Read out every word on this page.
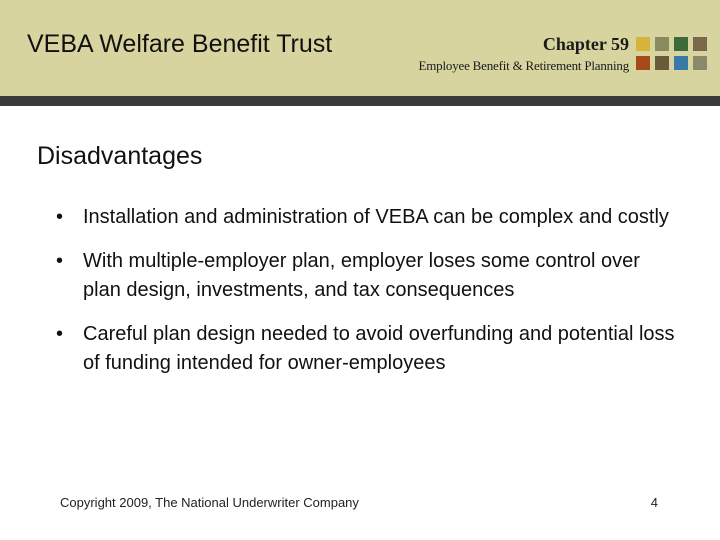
VEBA Welfare Benefit Trust	Chapter 59
Employee Benefit & Retirement Planning
Disadvantages
• Installation and administration of VEBA can be complex and costly
• With multiple-employer plan, employer loses some control over plan design, investments, and tax consequences
• Careful plan design needed to avoid overfunding and potential loss of funding intended for owner-employees
Copyright 2009, The National Underwriter Company	4
